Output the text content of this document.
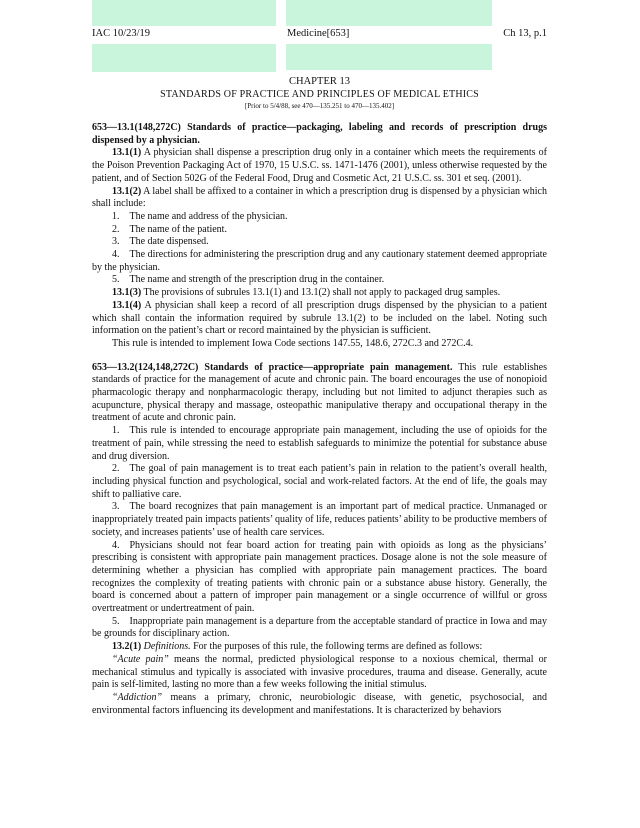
IAC 10/23/19	Medicine[653]	Ch 13, p.1
CHAPTER 13
STANDARDS OF PRACTICE AND PRINCIPLES OF MEDICAL ETHICS
[Prior to 5/4/88, see 470—135.251 to 470—135.402]

653—13.1(148,272C) Standards of practice—packaging, labeling and records of prescription drugs dispensed by a physician.

13.1(1) A physician shall dispense a prescription drug only in a container which meets the requirements of the Poison Prevention Packaging Act of 1970, 15 U.S.C. ss. 1471-1476 (2001), unless otherwise requested by the patient, and of Section 502G of the Federal Food, Drug and Cosmetic Act, 21 U.S.C. ss. 301 et seq. (2001).

13.1(2) A label shall be affixed to a container in which a prescription drug is dispensed by a physician which shall include:

1. The name and address of the physician.

2. The name of the patient.

3. The date dispensed.

4. The directions for administering the prescription drug and any cautionary statement deemed appropriate by the physician.

5. The name and strength of the prescription drug in the container.

13.1(3) The provisions of subrules 13.1(1) and 13.1(2) shall not apply to packaged drug samples.

13.1(4) A physician shall keep a record of all prescription drugs dispensed by the physician to a patient which shall contain the information required by subrule 13.1(2) to be included on the label. Noting such information on the patient’s chart or record maintained by the physician is sufficient.

This rule is intended to implement Iowa Code sections 147.55, 148.6, 272C.3 and 272C.4.

653—13.2(124,148,272C) Standards of practice—appropriate pain management. This rule establishes standards of practice for the management of acute and chronic pain. The board encourages the use of nonopioid pharmacologic therapy and nonpharmacologic therapy, including but not limited to adjunct therapies such as acupuncture, physical therapy and massage, osteopathic manipulative therapy and occupational therapy in the treatment of acute and chronic pain.

1. This rule is intended to encourage appropriate pain management, including the use of opioids for the treatment of pain, while stressing the need to establish safeguards to minimize the potential for substance abuse and drug diversion.

2. The goal of pain management is to treat each patient’s pain in relation to the patient’s overall health, including physical function and psychological, social and work-related factors. At the end of life, the goals may shift to palliative care.

3. The board recognizes that pain management is an important part of medical practice. Unmanaged or inappropriately treated pain impacts patients’ quality of life, reduces patients’ ability to be productive members of society, and increases patients’ use of health care services.

4. Physicians should not fear board action for treating pain with opioids as long as the physicians’ prescribing is consistent with appropriate pain management practices. Dosage alone is not the sole measure of determining whether a physician has complied with appropriate pain management practices. The board recognizes the complexity of treating patients with chronic pain or a substance abuse history. Generally, the board is concerned about a pattern of improper pain management or a single occurrence of willful or gross overtreatment or undertreatment of pain.

5. Inappropriate pain management is a departure from the acceptable standard of practice in Iowa and may be grounds for disciplinary action.

13.2(1) Definitions. For the purposes of this rule, the following terms are defined as follows:

“Acute pain” means the normal, predicted physiological response to a noxious chemical, thermal or mechanical stimulus and typically is associated with invasive procedures, trauma and disease. Generally, acute pain is self-limited, lasting no more than a few weeks following the initial stimulus.

“Addiction” means a primary, chronic, neurobiologic disease, with genetic, psychosocial, and environmental factors influencing its development and manifestations. It is characterized by behaviors
